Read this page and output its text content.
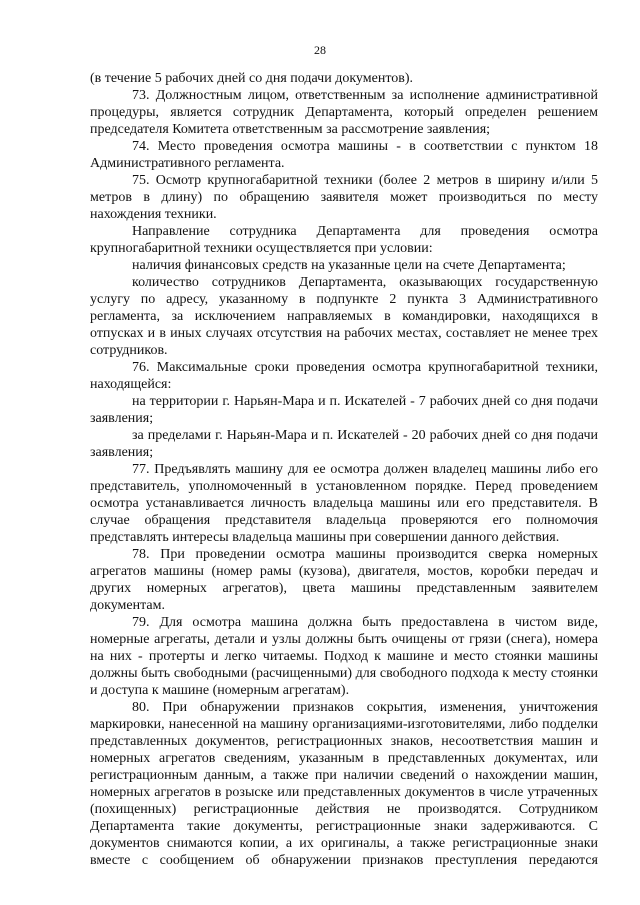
28

(в течение 5 рабочих дней со дня подачи документов).

73. Должностным лицом, ответственным за исполнение административной процедуры, является сотрудник Департамента, который определен решением председателя Комитета ответственным за рассмотрение заявления;

74. Место проведения осмотра машины - в соответствии с пунктом 18 Административного регламента.

75. Осмотр крупногабаритной техники (более 2 метров в ширину и/или 5 метров в длину) по обращению заявителя может производиться по месту нахождения техники.

Направление сотрудника Департамента для проведения осмотра крупногабаритной техники осуществляется при условии:

наличия финансовых средств на указанные цели на счете Департамента;

количество сотрудников Департамента, оказывающих государственную услугу по адресу, указанному в подпункте 2 пункта 3 Административного регламента, за исключением направляемых в командировки, находящихся в отпусках и в иных случаях отсутствия на рабочих местах, составляет не менее трех сотрудников.

76. Максимальные сроки проведения осмотра крупногабаритной техники, находящейся:

на территории г. Нарьян-Мара и п. Искателей - 7 рабочих дней со дня подачи заявления;

за пределами г. Нарьян-Мара и п. Искателей - 20 рабочих дней со дня подачи заявления;

77. Предъявлять машину для ее осмотра должен владелец машины либо его представитель, уполномоченный в установленном порядке. Перед проведением осмотра устанавливается личность владельца машины или его представителя. В случае обращения представителя владельца проверяются его полномочия представлять интересы владельца машины при совершении данного действия.

78. При проведении осмотра машины производится сверка номерных агрегатов машины (номер рамы (кузова), двигателя, мостов, коробки передач и других номерных агрегатов), цвета машины представленным заявителем документам.

79. Для осмотра машина должна быть предоставлена в чистом виде, номерные агрегаты, детали и узлы должны быть очищены от грязи (снега), номера на них - протерты и легко читаемы. Подход к машине и место стоянки машины должны быть свободными (расчищенными) для свободного подхода к месту стоянки и доступа к машине (номерным агрегатам).

80. При обнаружении признаков сокрытия, изменения, уничтожения маркировки, нанесенной на машину организациями-изготовителями, либо подделки представленных документов, регистрационных знаков, несоответствия машин и номерных агрегатов сведениям, указанным в представленных документах, или регистрационным данным, а также при наличии сведений о нахождении машин, номерных агрегатов в розыске или представленных документов в числе утраченных (похищенных) регистрационные действия не производятся. Сотрудником Департамента такие документы, регистрационные знаки задерживаются. С документов снимаются копии, а их оригиналы, а также регистрационные знаки вместе с сообщением об обнаружении признаков преступления передаются
